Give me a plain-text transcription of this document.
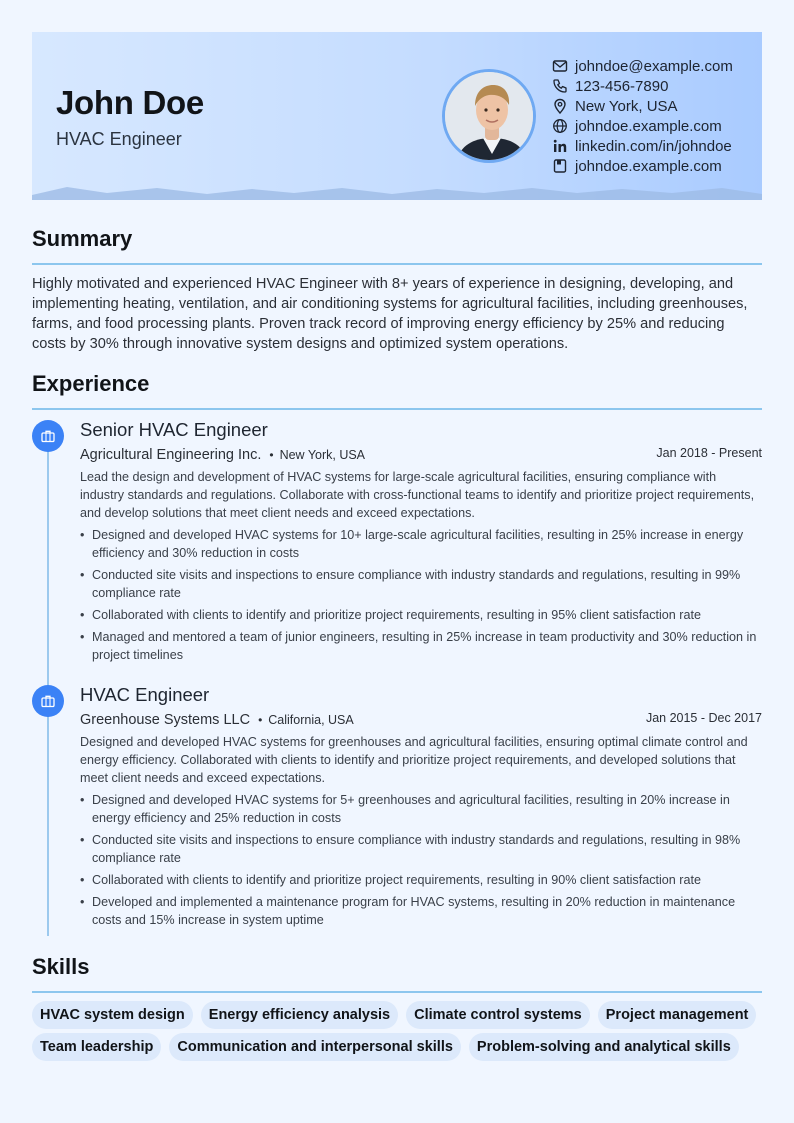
John Doe
HVAC Engineer
johndoe@example.com
123-456-7890
New York, USA
johndoe.example.com
linkedin.com/in/johndoe
johndoe.example.com
Summary
Highly motivated and experienced HVAC Engineer with 8+ years of experience in designing, developing, and implementing heating, ventilation, and air conditioning systems for agricultural facilities, including greenhouses, farms, and food processing plants. Proven track record of improving energy efficiency by 25% and reducing costs by 30% through innovative system designs and optimized system operations.
Experience
Senior HVAC Engineer
Agricultural Engineering Inc. • New York, USA	Jan 2018 - Present
Lead the design and development of HVAC systems for large-scale agricultural facilities, ensuring compliance with industry standards and regulations. Collaborate with cross-functional teams to identify and prioritize project requirements, and develop solutions that meet client needs and exceed expectations.
• Designed and developed HVAC systems for 10+ large-scale agricultural facilities, resulting in 25% increase in energy efficiency and 30% reduction in costs
• Conducted site visits and inspections to ensure compliance with industry standards and regulations, resulting in 99% compliance rate
• Collaborated with clients to identify and prioritize project requirements, resulting in 95% client satisfaction rate
• Managed and mentored a team of junior engineers, resulting in 25% increase in team productivity and 30% reduction in project timelines
HVAC Engineer
Greenhouse Systems LLC • California, USA	Jan 2015 - Dec 2017
Designed and developed HVAC systems for greenhouses and agricultural facilities, ensuring optimal climate control and energy efficiency. Collaborated with clients to identify and prioritize project requirements, and developed solutions that meet client needs and exceed expectations.
• Designed and developed HVAC systems for 5+ greenhouses and agricultural facilities, resulting in 20% increase in energy efficiency and 25% reduction in costs
• Conducted site visits and inspections to ensure compliance with industry standards and regulations, resulting in 98% compliance rate
• Collaborated with clients to identify and prioritize project requirements, resulting in 90% client satisfaction rate
• Developed and implemented a maintenance program for HVAC systems, resulting in 20% reduction in maintenance costs and 15% increase in system uptime
Skills
HVAC system design	Energy efficiency analysis	Climate control systems	Project management
Team leadership	Communication and interpersonal skills	Problem-solving and analytical skills
